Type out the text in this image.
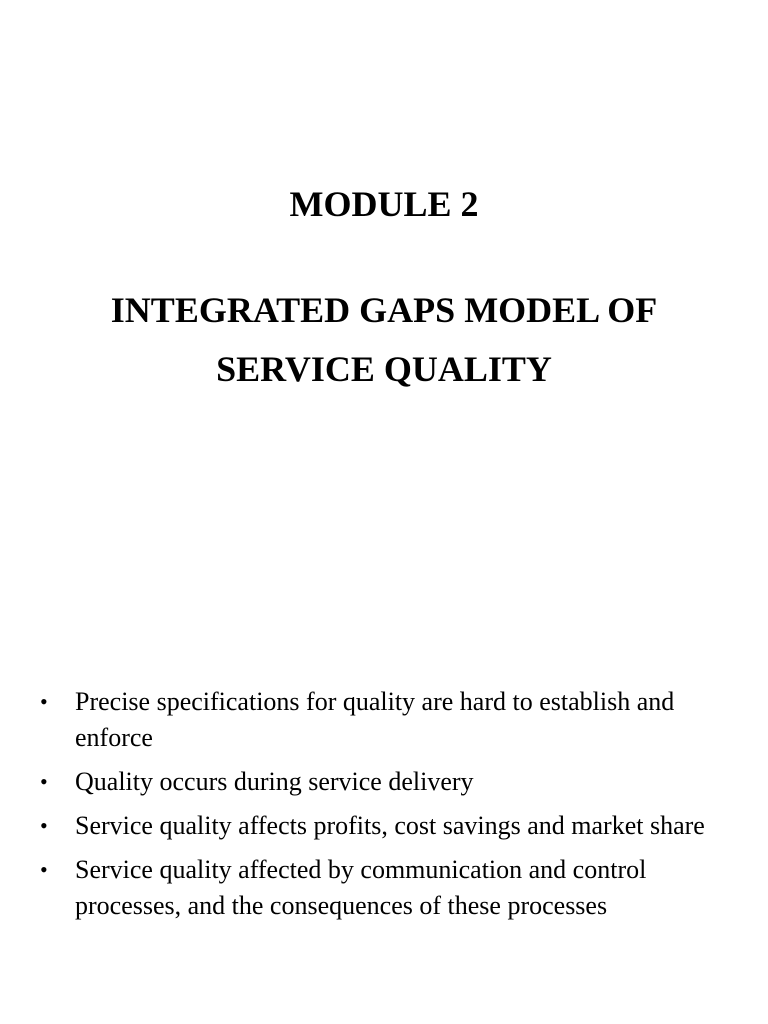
MODULE 2
INTEGRATED GAPS MODEL OF
SERVICE QUALITY
•	Precise specifications for quality are hard to establish and enforce
•	Quality occurs during service delivery
•	Service quality affects profits, cost savings and market share
•	Service quality affected by communication and control processes, and the consequences of these processes
